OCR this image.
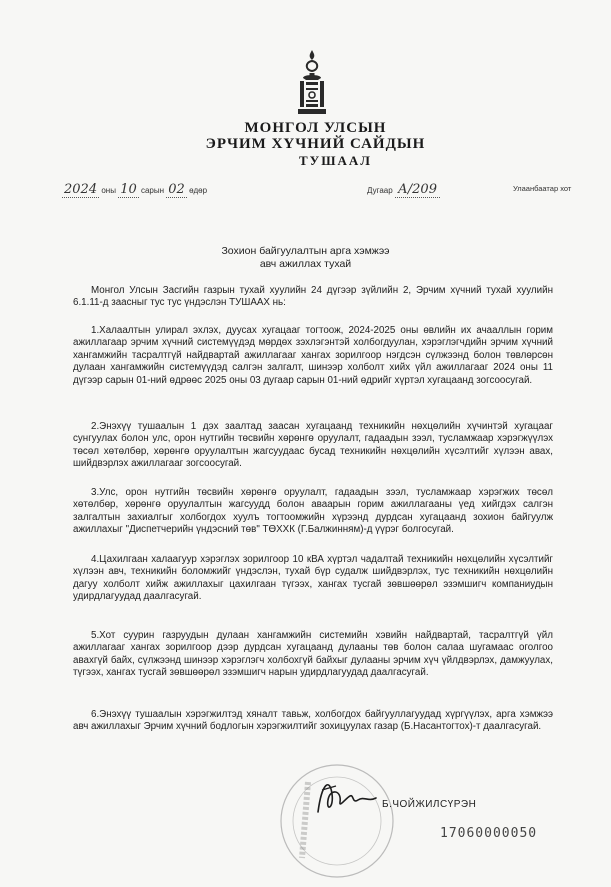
МОНГОЛ УЛСЫН
ЭРЧИМ ХҮЧНИЙ САЙДЫН
ТУШААЛ
2024 оны 10 сарын 02 өдөр	Дугаар А/209	Улаанбаатар хот
Зохион байгуулалтын арга хэмжээ
авч ажиллах тухай

Монгол Улсын Засгийн газрын тухай хуулийн 24 дүгээр зүйлийн 2, Эрчим хүчний тухай хуулийн 6.1.11-д заасныг тус тус үндэслэн ТУШААХ нь:

1.Халаалтын улирал эхлэх, дуусах хугацааг тогтоож, 2024-2025 оны өвлийн их ачааллын горим ажиллагаар эрчим хүчний системүүдэд мөрдөх зэхлэгэнтэй холбогдуулан, хэрэглэгчдийн эрчим хүчний хангамжийн тасралтгүй найдвартай ажиллагааг хангах зорилгоор нэгдсэн сүлжээнд болон төвлөрсөн дулаан хангамжийн системүүдэд салгэн залгалт, шинээр холболт хийх үйл ажиллагааг 2024 оны 11 дүгээр сарын 01-ний өдрөөс 2025 оны 03 дугаар сарын 01-ний өдрийг хүртэл хугацаанд зогсоосугай.

2.Энэхүү тушаалын 1 дэх заалтад заасан хугацаанд техникийн нөхцөлийн хүчинтэй хугацааг сунгуулах болон улс, орон нутгийн төсвийн хөрөнгө оруулалт, гадаадын зээл, тусламжаар хэрэгжүүлэх төсөл хөтөлбөр, хөрөнгө оруулалтын жагсуудаас бусад техникийн нөхцөлийн хүсэлтийг хүлээн авах, шийдвэрлэх ажиллагааг зогсоосугай.

3.Улс, орон нутгийн төсвийн хөрөнгө оруулалт, гадаадын зээл, тусламжаар хэрэгжих төсөл хөтөлбөр, хөрөнгө оруулалтын жагсуудд болон аваарын горим ажиллагааны үед хийгдэх салгэн залгалтын захиалгыг холбогдох хуулъ тогтоомжийн хүрээнд дурдсан хугацаанд зохион байгуулж ажиллахыг "Диспетчерийн үндэсний төв" ТӨХХК (Г.Балжинням)-д үүрэг болгосугай.

4.Цахилгаан халаагуур хэрэглэх зорилгоор 10 кВА хүртэл чадалтай техникийн нөхцөлийн хүсэлтийг хүлээн авч, техникийн боломжийг үндэслэн, тухай бүр судалж шийдвэрлэх, тус техникийн нөхцөлийн дагуу холболт хийж ажиллахыг цахилгаан түгээх, хангах тусгай зөвшөөрөл эзэмшигч компаниудын удирдлагуудад даалгасугай.

5.Хот суурин газруудын дулаан хангамжийн системийн хэвийн найдвартай, тасралтгүй үйл ажиллагааг хангах зорилгоор дээр дурдсан хугацаанд дулааны төв болон салаа шугамаас оголгоо авахгүй байх, сүлжээнд шинээр хэрэглэгч холбохгүй байхыг дулааны эрчим хүч үйлдвэрлэх, дамжуулах, түгээх, хангах тусгай зөвшөөрөл эзэмшигч нарын удирдлагуудад даалгасугай.

6.Энэхүү тушаалын хэрэгжилтэд хяналт тавьж, холбогдох байгууллагуудад хүргүүлэх, арга хэмжээ авч ажиллахыг Эрчим хүчний бодлогын хэрэгжилтийг зохицуулах газар (Б.Насантогтох)-т даалгасугай.

Б.ЧОЙЖИЛСҮРЭН
17060000050
